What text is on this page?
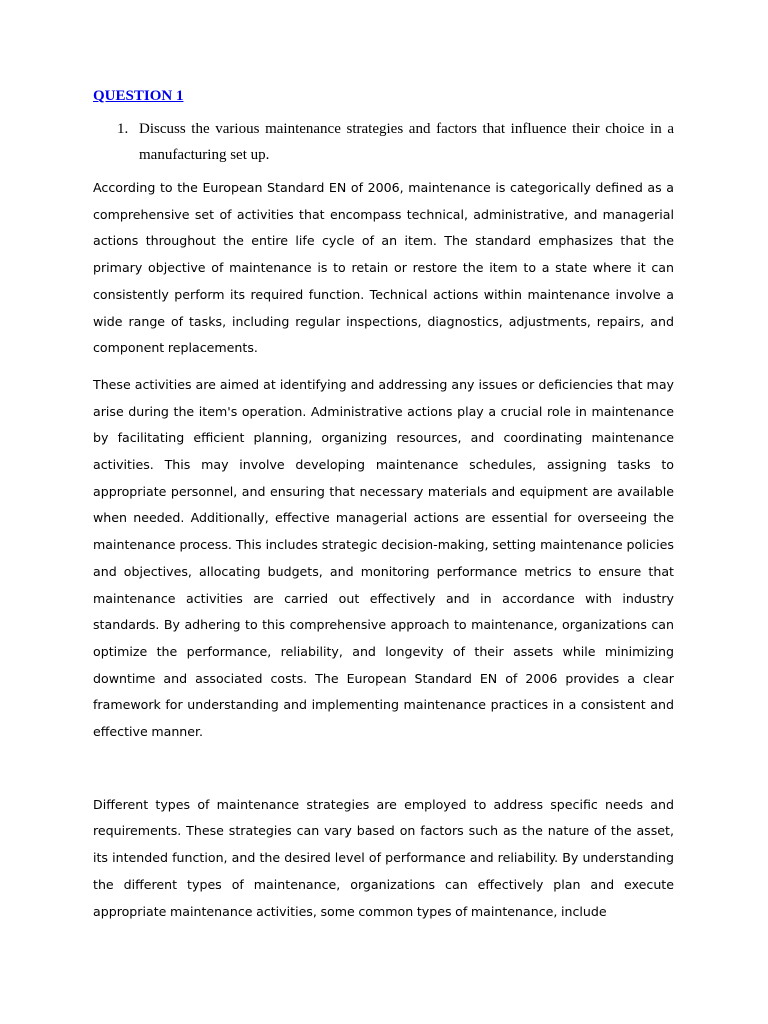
QUESTION 1
1. Discuss the various maintenance strategies and factors that influence their choice in a manufacturing set up.

According to the European Standard EN of 2006, maintenance is categorically defined as a comprehensive set of activities that encompass technical, administrative, and managerial actions throughout the entire life cycle of an item. The standard emphasizes that the primary objective of maintenance is to retain or restore the item to a state where it can consistently perform its required function. Technical actions within maintenance involve a wide range of tasks, including regular inspections, diagnostics, adjustments, repairs, and component replacements.

These activities are aimed at identifying and addressing any issues or deficiencies that may arise during the item's operation. Administrative actions play a crucial role in maintenance by facilitating efficient planning, organizing resources, and coordinating maintenance activities. This may involve developing maintenance schedules, assigning tasks to appropriate personnel, and ensuring that necessary materials and equipment are available when needed. Additionally, effective managerial actions are essential for overseeing the maintenance process. This includes strategic decision-making, setting maintenance policies and objectives, allocating budgets, and monitoring performance metrics to ensure that maintenance activities are carried out effectively and in accordance with industry standards. By adhering to this comprehensive approach to maintenance, organizations can optimize the performance, reliability, and longevity of their assets while minimizing downtime and associated costs. The European Standard EN of 2006 provides a clear framework for understanding and implementing maintenance practices in a consistent and effective manner.

Different types of maintenance strategies are employed to address specific needs and requirements. These strategies can vary based on factors such as the nature of the asset, its intended function, and the desired level of performance and reliability. By understanding the different types of maintenance, organizations can effectively plan and execute appropriate maintenance activities, some common types of maintenance, include
